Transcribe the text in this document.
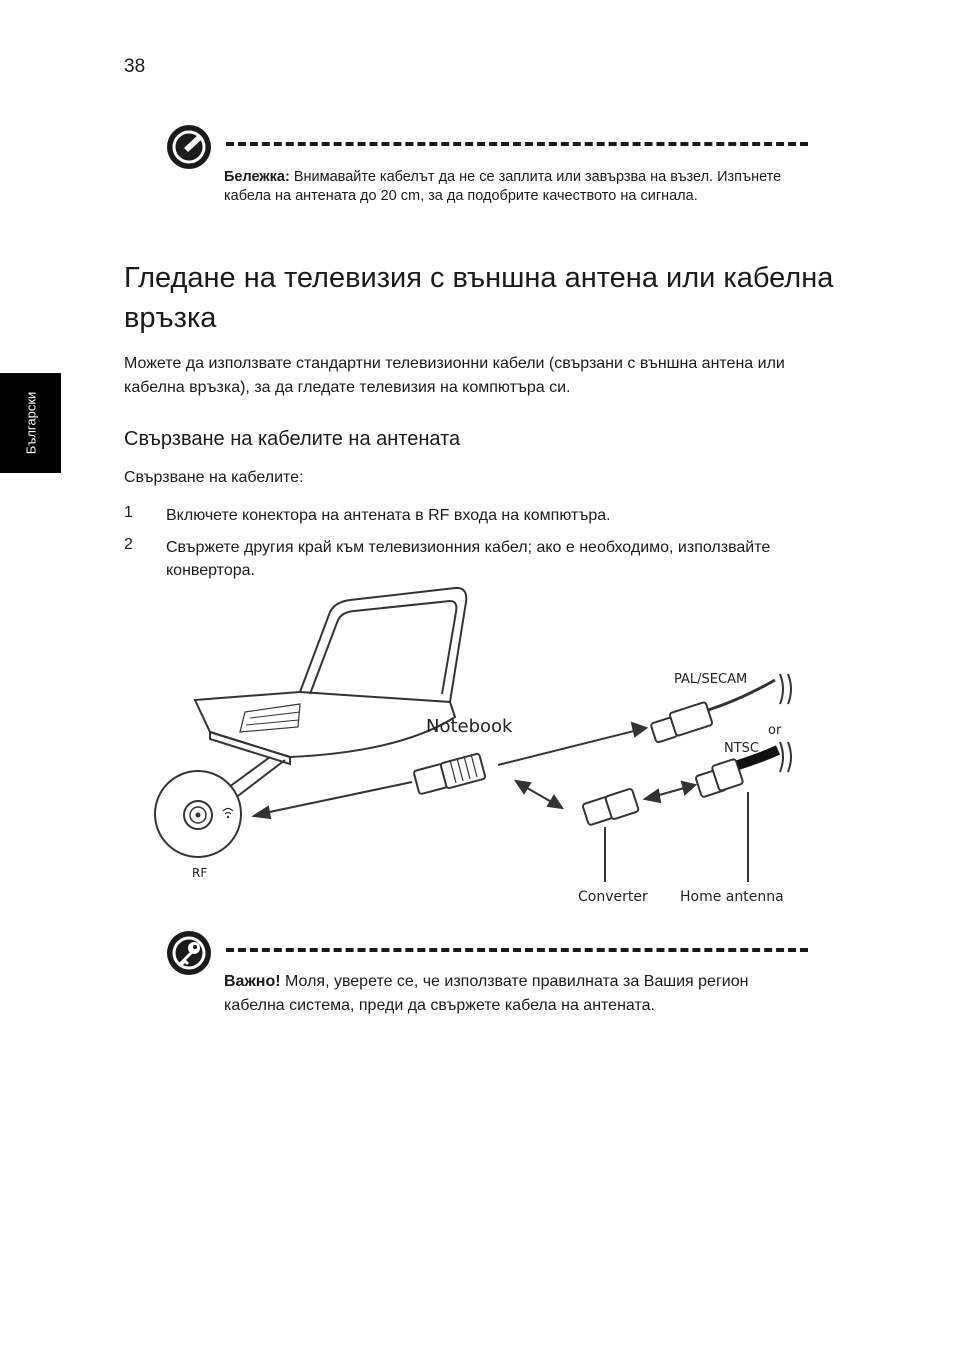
38
Български
Бележка: Внимавайте кабелът да не се заплита или завързва на възел. Изпънете кабела на антената до 20 cm, за да подобрите качеството на сигнала.
Гледане на телевизия с външна антена или кабелна връзка
Можете да използвате стандартни телевизионни кабели (свързани с външна антена или кабелна връзка), за да гледате телевизия на компютъра си.
Свързване на кабелите на антената
Свързване на кабелите:
1 Включете конектора на антената в RF входа на компютъра.
2 Свържете другия край към телевизионния кабел; ако е необходимо, използвайте конвертора.
Notebook
PAL/SECAM
or
NTSC
RF
Converter Home antenna
Важно! Моля, уверете се, че използвате правилната за Вашия регион кабелна система, преди да свържете кабела на антената.
